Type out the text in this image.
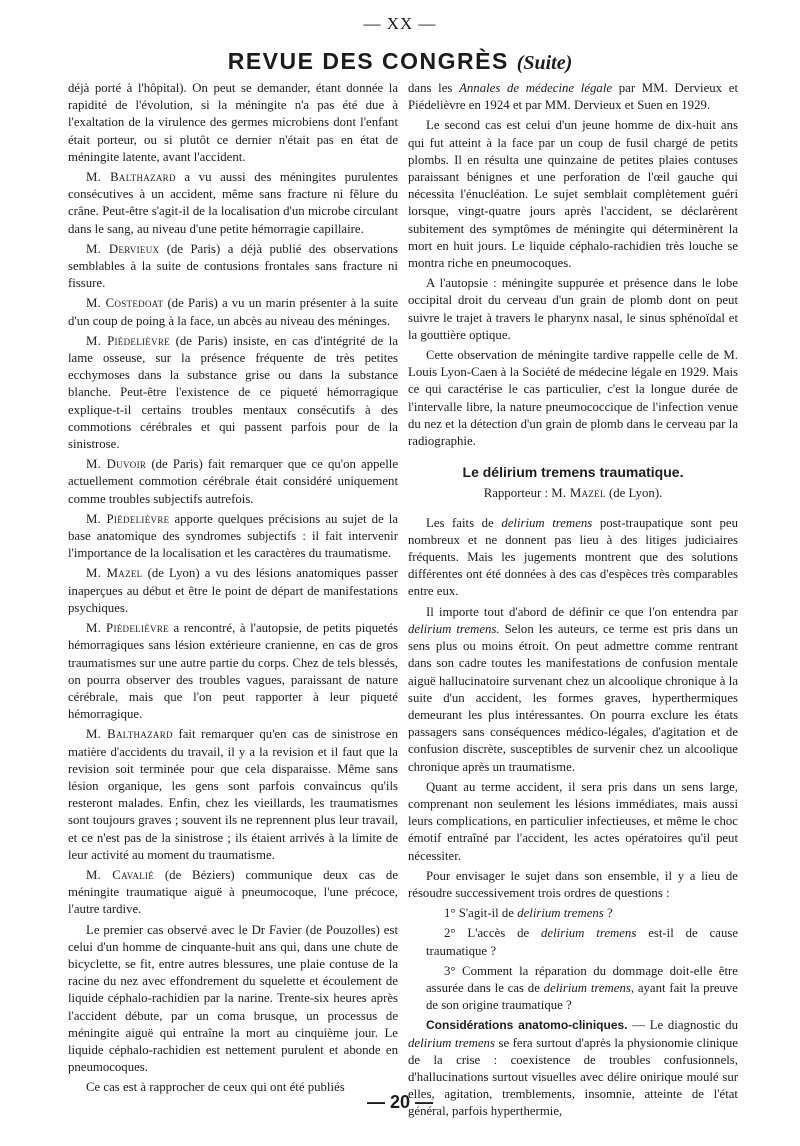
— XX —
REVUE DES CONGRÈS (Suite)

déjà porté à l'hôpital). On peut se demander, étant donnée la rapidité de l'évolution, si la méningite n'a pas été due à l'exaltation de la virulence des germes microbiens dont l'enfant était porteur, ou si plutôt ce dernier n'était pas en état de méningite latente, avant l'accident.

M. Balthazard a vu aussi des méningites purulentes consécutives à un accident, même sans fracture ni fêlure du crâne. Peut-être s'agit-il de la localisation d'un microbe circulant dans le sang, au niveau d'une petite hémorragie capillaire.

M. Dervieux (de Paris) a déjà publié des observations semblables à la suite de contusions frontales sans fracture ni fissure.

M. Costedoat (de Paris) a vu un marin présenter à la suite d'un coup de poing à la face, un abcès au niveau des méninges.

M. Piédelièvre (de Paris) insiste, en cas d'intégrité de la lame osseuse, sur la présence fréquente de très petites ecchymoses dans la substance grise ou dans la substance blanche. Peut-être l'existence de ce piqueté hémorragique explique-t-il certains troubles mentaux consécutifs à des commotions cérébrales et qui passent parfois pour de la sinistrose.

M. Duvoir (de Paris) fait remarquer que ce qu'on appelle actuellement commotion cérébrale était considéré uniquement comme troubles subjectifs autrefois.

M. Piédelièvre apporte quelques précisions au sujet de la base anatomique des syndromes subjectifs : il fait intervenir l'importance de la localisation et les caractères du traumatisme.

M. Mazel (de Lyon) a vu des lésions anatomiques passer inaperçues au début et être le point de départ de manifestations psychiques.

M. Piédelièvre a rencontré, à l'autopsie, de petits piquetés hémorragiques sans lésion extérieure cranienne, en cas de gros traumatismes sur une autre partie du corps. Chez de tels blessés, on pourra observer des troubles vagues, paraissant de nature cérébrale, mais que l'on peut rapporter à leur piqueté hémorragique.

M. Balthazard fait remarquer qu'en cas de sinistrose en matière d'accidents du travail, il y a la revision et il faut que la revision soit terminée pour que cela disparaisse. Même sans lésion organique, les gens sont parfois convaincus qu'ils resteront malades. Enfin, chez les vieillards, les traumatismes sont toujours graves ; souvent ils ne reprennent plus leur travail, et ce n'est pas de la sinistrose ; ils étaient arrivés à la limite de leur activité au moment du traumatisme.

M. Cavalié (de Béziers) communique deux cas de méningite traumatique aiguë à pneumocoque, l'une précoce, l'autre tardive.

Le premier cas observé avec le Dr Favier (de Pouzolles) est celui d'un homme de cinquante-huit ans qui, dans une chute de bicyclette, se fit, entre autres blessures, une plaie contuse de la racine du nez avec effondrement du squelette et écoulement de liquide céphalo-rachidien par la narine. Trente-six heures après l'accident débute, par un coma brusque, un processus de méningite aiguë qui entraîne la mort au cinquième jour. Le liquide céphalo-rachidien est nettement purulent et abonde en pneumocoques.

Ce cas est à rapprocher de ceux qui ont été publiés

dans les Annales de médecine légale par MM. Dervieux et Piédelièvre en 1924 et par MM. Dervieux et Suen en 1929.

Le second cas est celui d'un jeune homme de dix-huit ans qui fut atteint à la face par un coup de fusil chargé de petits plombs. Il en résulta une quinzaine de petites plaies contuses paraissant bénignes et une perforation de l'œil gauche qui nécessita l'énucléation. Le sujet semblait complètement guéri lorsque, vingt-quatre jours après l'accident, se déclarèrent subitement des symptômes de méningite qui déterminèrent la mort en huit jours. Le liquide céphalo-rachidien très louche se montra riche en pneumocoques.

A l'autopsie : méningite suppurée et présence dans le lobe occipital droit du cerveau d'un grain de plomb dont on peut suivre le trajet à travers le pharynx nasal, le sinus sphénoïdal et la gouttière optique.

Cette observation de méningite tardive rappelle celle de M. Louis Lyon-Caen à la Société de médecine légale en 1929. Mais ce qui caractérise le cas particulier, c'est la longue durée de l'intervalle libre, la nature pneumococcique de l'infection venue du nez et la détection d'un grain de plomb dans le cerveau par la radiographie.

Le délirium tremens traumatique.
Rapporteur : M. Mazel (de Lyon).

Les faits de delirium tremens post-traupatique sont peu nombreux et ne donnent pas lieu à des litiges judiciaires fréquents. Mais les jugements montrent que des solutions différentes ont été données à des cas d'espèces très comparables entre eux.

Il importe tout d'abord de définir ce que l'on entendra par delirium tremens. Selon les auteurs, ce terme est pris dans un sens plus ou moins étroit. On peut admettre comme rentrant dans son cadre toutes les manifestations de confusion mentale aiguë hallucinatoire survenant chez un alcoolique chronique à la suite d'un accident, les formes graves, hyperthermiques demeurant les plus intéressantes. On pourra exclure les états passagers sans conséquences médico-légales, d'agitation et de confusion discrète, susceptibles de survenir chez un alcoolique chronique après un traumatisme.

Quant au terme accident, il sera pris dans un sens large, comprenant non seulement les lésions immédiates, mais aussi leurs complications, en particulier infectieuses, et même le choc émotif entraîné par l'accident, les actes opératoires qu'il peut nécessiter.

Pour envisager le sujet dans son ensemble, il y a lieu de résoudre successivement trois ordres de questions :

1° S'agit-il de delirium tremens ?

2° L'accès de delirium tremens est-il de cause traumatique ?

3° Comment la réparation du dommage doit-elle être assurée dans le cas de delirium tremens, ayant fait la preuve de son origine traumatique ?

Considérations anatomo-cliniques. — Le diagnostic du delirium tremens se fera surtout d'après la physionomie clinique de la crise : coexistence de troubles confusionnels, d'hallucinations surtout visuelles avec délire onirique moulé sur elles, agitation, tremblements, insomnie, atteinte de l'état général, parfois hyperthermie,

— 20 —
